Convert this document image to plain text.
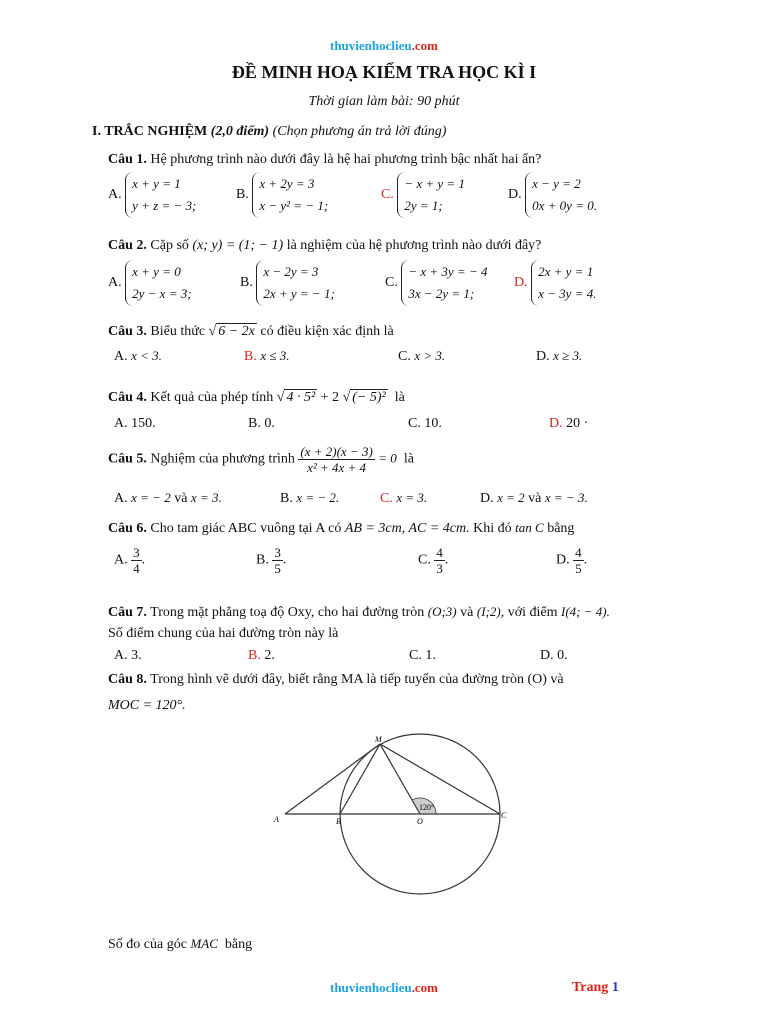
thuvienhoclieu.com
ĐỀ MINH HOẠ KIỂM TRA HỌC KÌ I
Thời gian làm bài: 90 phút
I. TRẮC NGHIỆM (2,0 điểm) (Chọn phương án trả lời đúng)
Câu 1. Hệ phương trình nào dưới đây là hệ hai phương trình bậc nhất hai ẩn?
A. x + y = 1
y + z = − 3;
B. x + 2y = 3
x − y² = − 1;
C. − x + y = 1
2y = 1;
D. x − y = 2
0x + 0y = 0.
Câu 2. Cặp số (x; y) = (1; − 1) là nghiệm của hệ phương trình nào dưới đây?
A. x + y = 0
2y − x = 3;
B. x − 2y = 3
2x + y = − 1;
C. − x + 3y = − 4
3x − 2y = 1;
D. 2x + y = 1
x − 3y = 4.
Câu 3. Biểu thức √ 6 − 2x có điều kiện xác định là
A. x < 3.	B. x ≤ 3.	C. x > 3.	D. x ≥ 3.
Câu 4. Kết quả của phép tính √ 4 · 5² + 2 √ (− 5)² là
A. 150.	B. 0.	C. 10.	D. 20 ·
Câu 5. Nghiệm của phương trình $\frac{(x + 2)(x - 3)}{\text{x² + 4x + 4}} = 0$ là
A. x = − 2 và x = 3.	B. x = − 2.	C. x = 3.	D. x = 2 và x = − 3.
Câu 6. Cho tam giác ABC vuông tại A có AB = 3cm, AC = 4cm. Khi đó tan C bằng
A. $\frac{3}{4}$ .	B. $\frac{3}{5}$ .	C. $\frac{4}{3}$ .	D. $\frac{4}{5}$ .
Câu 7. Trong mặt phẳng toạ độ Oxy, cho hai đường tròn (O;3) và (I;2), với điểm I(4; − 4).
Số điểm chung của hai đường tròn này là
A. 3.	B. 2.	C. 1.	D. 0.
Câu 8. Trong hình vẽ dưới đây, biết rằng MA là tiếp tuyến của đường tròn (O) và
MOC = 120°.
M
A	B	O
C
120°
Số đo của góc MAC bằng
thuvienhoclieu.com	Trang 1
